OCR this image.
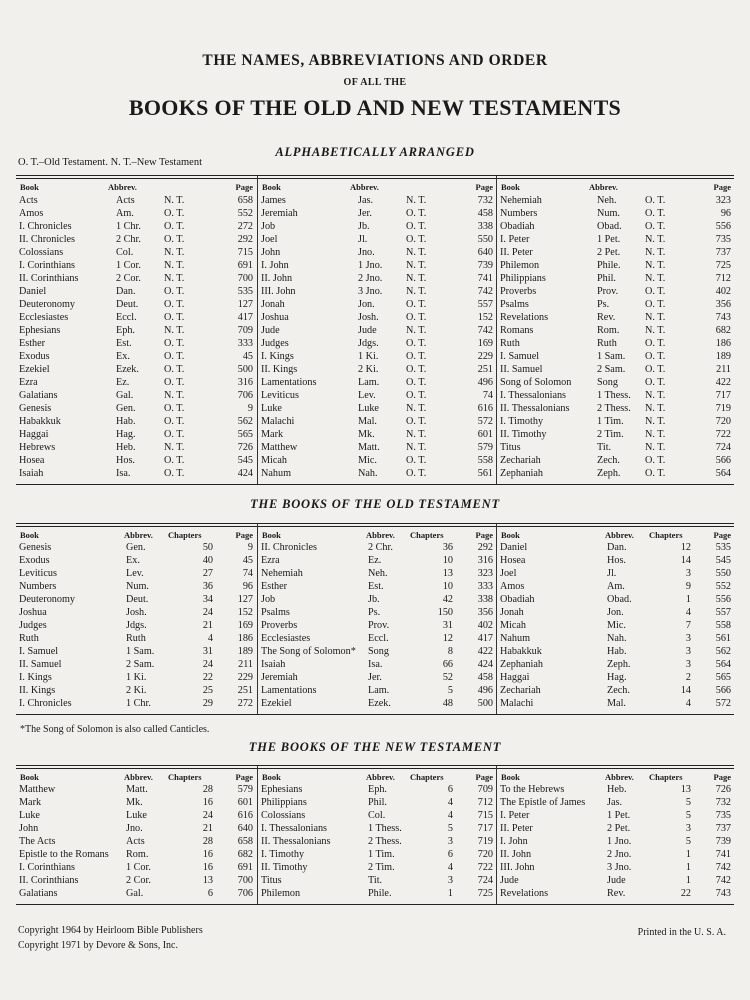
THE NAMES, ABBREVIATIONS AND ORDER
OF ALL THE
BOOKS OF THE OLD AND NEW TESTAMENTS
ALPHABETICALLY ARRANGED
O. T.–Old Testament. N. T.–New Testament
Book	Abbrev.	Page
Acts	Acts	N. T.	658
Amos	Am.	O. T.	552
I. Chronicles	1 Chr. O. T.	272
II. Chronicles	2 Chr. O. T.	292
Colossians	Col.	N. T.	715
I. Corinthians	1 Cor. N. T.	691
II. Corinthians	2 Cor. N. T.	700
Daniel	Dan.	O. T.	535
Deuteronomy	Deut.	O. T.	127
Ecclesiastes	Eccl.	O. T.	417
Ephesians	Eph.	N. T.	709
Esther	Est.	O. T.	333
Exodus	Ex.	O. T.	45
Ezekiel	Ezek. O. T.	500
Ezra	Ez.	O. T.	316
Galatians	Gal.	N. T.	706
Genesis	Gen.	O. T.	9
Habakkuk	Hab.	O. T.	562
Haggai	Hag.	O. T.	565
Hebrews	Heb.	N. T.	726
Hosea	Hos.	O. T.	545
Isaiah	Isa.	O. T.	424
Book	Abbrev.	Page
James	Jas.	N. T.	732
Jeremiah	Jer.	O. T.	458
Job	Jb.	O. T.	338
Joel	Jl.	O. T.	550
John	Jno.	N. T.	640
I. John	1 Jno. N. T.	739
II. John	2 Jno. N. T.	741
III. John	3 Jno. N. T.	742
Jonah	Jon.	O. T.	557
Joshua	Josh.	O. T.	152
Jude	Jude	N. T.	742
Judges	Jdgs.	O. T.	169
I. Kings	1 Ki.	O. T.	229
II. Kings	2 Ki.	O. T.	251
Lamentations	Lam.	O. T.	496
Leviticus	Lev.	O. T.	74
Luke	Luke	N. T.	616
Malachi	Mal.	O. T.	572
Mark	Mk.	N. T.	601
Matthew	Matt.	N. T.	579
Micah	Mic.	O. T.	558
Nahum	Nah.	O. T.	561
Book	Abbrev.	Page
Nehemiah	Neh.	O. T.	323
Numbers	Num. O. T.	96
Obadiah	Obad. O. T.	556
I. Peter	1 Pet. N. T.	735
II. Peter	2 Pet. N. T.	737
Philemon	Phile. N. T.	725
Philippians	Phil.	N. T.	712
Proverbs	Prov.	O. T.	402
Psalms	Ps.	O. T.	356
Revelations	Rev.	N. T.	743
Romans	Rom.	N. T.	682
Ruth	Ruth	O. T.	186
I. Samuel	1 Sam. O. T.	189
II. Samuel	2 Sam. O. T.	211
Song of Solomon	Song	O. T.	422
I. Thessalonians	1 Thess. N. T.	717
II. Thessalonians	2 Thess. N. T.	719
I. Timothy	1 Tim. N. T.	720
II. Timothy	2 Tim. N. T.	722
Titus	Tit.	N. T.	724
Zechariah	Zech. O. T.	566
Zephaniah	Zeph. O. T.	564
THE BOOKS OF THE OLD TESTAMENT
Book	Abbrev. Chapters	Page
Genesis	Gen.	50	9
Exodus	Ex.	40	45
Leviticus	Lev.	27	74
Numbers	Num.	36	96
Deuteronomy	Deut.	34 127
Joshua	Josh.	24 152
Judges	Jdgs.	21 169
Ruth	Ruth	4 186
I. Samuel	1 Sam.	31 189
II. Samuel	2 Sam.	24 211
I. Kings	1 Ki.	22 229
II. Kings	2 Ki.	25 251
I. Chronicles	1 Chr.	29 272
Book	Abbrev. Chapters	Page
II. Chronicles	2 Chr.	36 292
Ezra	Ez.	10 316
Nehemiah	Neh.	13 323
Esther	Est.	10 333
Job	Jb.	42 338
Psalms	Ps.	150 356
Proverbs	Prov.	31 402
Ecclesiastes	Eccl.	12 417
The Song of Solomon* Song	8 422
Isaiah	Isa.	66 424
Jeremiah	Jer.	52 458
Lamentations	Lam.	5 496
Ezekiel	Ezek.	48 500
Book	Abbrev. Chapters	Page
Daniel	Dan.	12 535
Hosea	Hos.	14 545
Joel	Jl.	3 550
Amos	Am.	9 552
Obadiah	Obad.	1 556
Jonah	Jon.	4 557
Micah	Mic.	7 558
Nahum	Nah.	3 561
Habakkuk	Hab.	3 562
Zephaniah	Zeph.	3 564
Haggai	Hag.	2 565
Zechariah	Zech.	14 566
Malachi	Mal.	4 572
*The Song of Solomon is also called Canticles.
THE BOOKS OF THE NEW TESTAMENT
Book	Abbrev. Chapters	Page
Matthew	Matt.	28 579
Mark	Mk.	16 601
Luke	Luke	24 616
John	Jno.	21 640
The Acts	Acts	28 658
Epistle to the Romans Rom.	16 682
I. Corinthians	1 Cor.	16 691
II. Corinthians	2 Cor.	13 700
Galatians	Gal.	6 706
Book	Abbrev. Chapters	Page
Ephesians	Eph.	6 709
Philippians	Phil.	4 712
Colossians	Col.	4 715
I. Thessalonians	1 Thess.	5 717
II. Thessalonians	2 Thess.	3 719
I. Timothy	1 Tim.	6 720
II. Timothy	2 Tim.	4 722
Titus	Tit.	3 724
Philemon	Phile.	1 725
Book	Abbrev. Chapters	Page
To the Hebrews	Heb.	13 726
The Epistle of James Jas.	5 732
I. Peter	1 Pet.	5 735
II. Peter	2 Pet.	3 737
I. John	1 Jno.	5 739
II. John	2 Jno.	1 741
III. John	3 Jno.	1 742
Jude	Jude	1 742
Revelations	Rev.	22 743
Copyright 1964 by Heirloom Bible Publishers
Copyright 1971 by Devore & Sons, Inc.
Printed in the U. S. A.
